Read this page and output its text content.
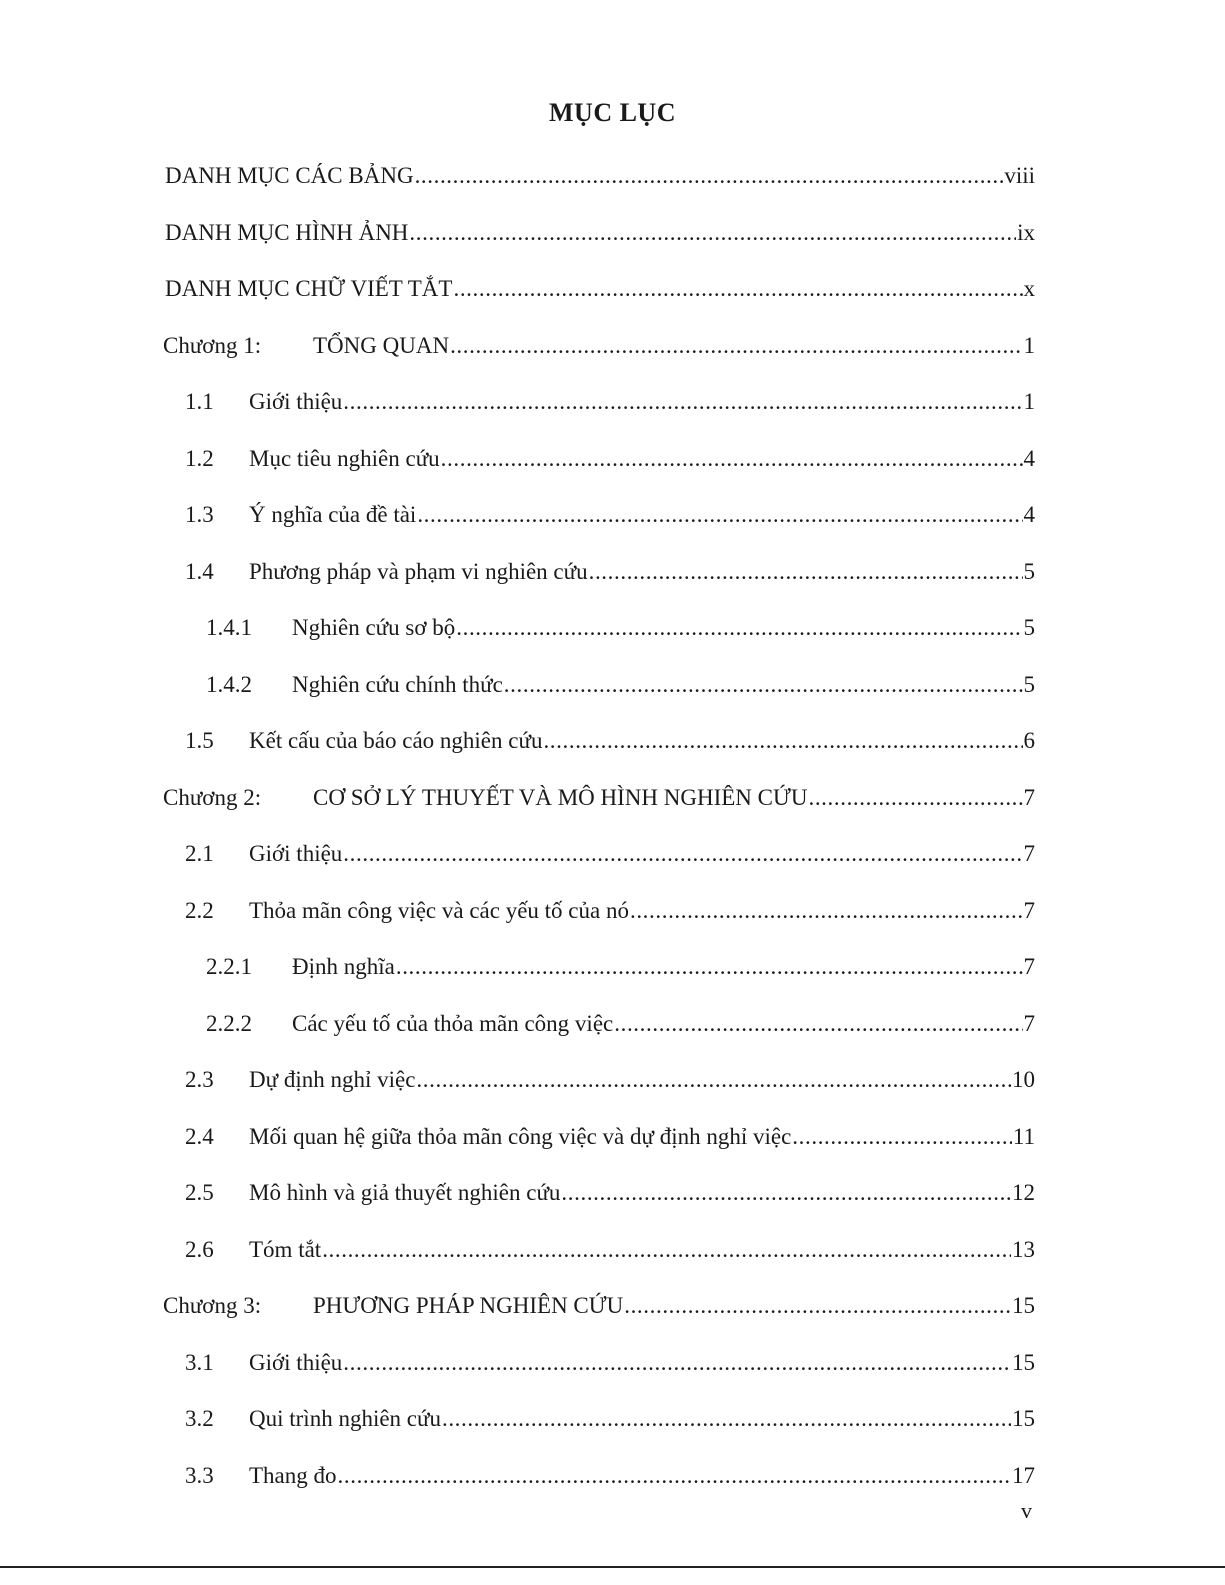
MỤC LỤC
DANH MỤC CÁC BẢNG .....	viii
DANH MỤC HÌNH ẢNH .....	ix
DANH MỤC CHỮ VIẾT TẮT .....	x
Chương 1:	TỔNG QUAN .....	1
1.1	Giới thiệu .....	1
1.2	Mục tiêu nghiên cứu .....	4
1.3	Ý nghĩa của đề tài .....	4
1.4	Phương pháp và phạm vi nghiên cứu .....	5
1.4.1	Nghiên cứu sơ bộ .....	5
1.4.2	Nghiên cứu chính thức .....	5
1.5	Kết cấu của báo cáo nghiên cứu .....	6
Chương 2:	CƠ SỞ LÝ THUYẾT VÀ MÔ HÌNH NGHIÊN CỨU .....	7
2.1	Giới thiệu .....	7
2.2	Thỏa mãn công việc và các yếu tố của nó .....	7
2.2.1	Định nghĩa .....	7
2.2.2	Các yếu tố của thỏa mãn công việc .....	7
2.3	Dự định nghỉ việc .....	10
2.4	Mối quan hệ giữa thỏa mãn công việc và dự định nghỉ việc .....	11
2.5	Mô hình và giả thuyết nghiên cứu .....	12
2.6	Tóm tắt .....	13
Chương 3:	PHƯƠNG PHÁP NGHIÊN CỨU .....	15
3.1	Giới thiệu .....	15
3.2	Qui trình nghiên cứu .....	15
3.3	Thang đo .....	17
v
